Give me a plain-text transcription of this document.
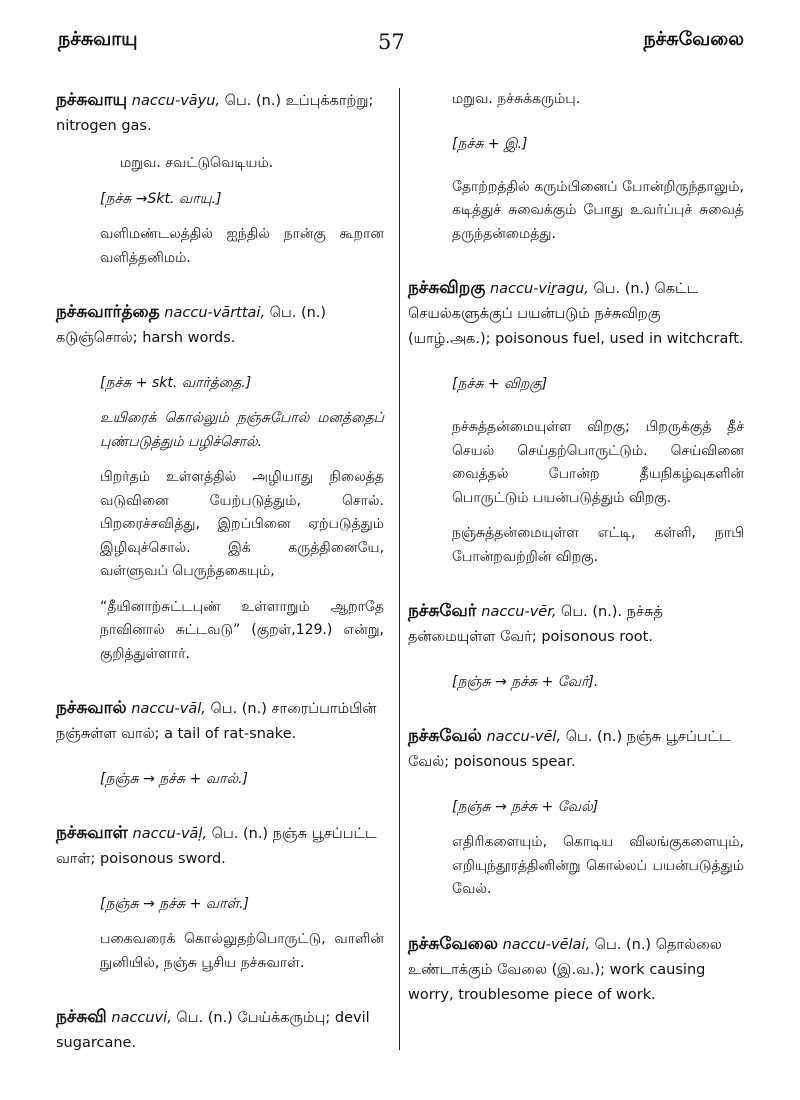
நச்சுவாயு	57	நச்சுவேலை

நச்சுவாயு naccu-vāyu, பெ. (n.) உப்புக்காற்று; nitrogen gas.

மறுவ. சவட்டுவெடியம்.

[நச்சு →Skt. வாயு.]

வளிமண்டலத்தில் ஐந்தில் நான்கு கூறான வளித்தனிமம்.

நச்சுவார்த்தை naccu-vārttai, பெ. (n.) கடுஞ்சொல்; harsh words.

[நச்சு + skt. வார்த்தை.]

உயிரைக் கொல்லும் நஞ்சுபோல் மனத்தைப் புண்படுத்தும் பழிச்சொல்.

பிறர்தம் உள்ளத்தில் அழியாது நிலைத்த வடுவினை யேற்படுத்தும், சொல். பிறரைச்சவித்து, இறப்பினை ஏற்படுத்தும் இழிவுச்சொல். இக் கருத்தினையே, வள்ளுவப் பெருந்தகையும்,

“தீயினாற்சுட்டபுண் உள்ளாறும் ஆறாதே நாவினால் சுட்டவடு” (குறள்,129.) என்று, குறித்துள்ளார்.

நச்சுவால் naccu-vāl, பெ. (n.) சாரைப்பாம்பின் நஞ்சுள்ள வால்; a tail of rat-snake.

[நஞ்சு → நச்சு + வால்.]

நச்சுவாள் naccu-vāḷ, பெ. (n.) நஞ்சு பூசப்பட்ட வாள்; poisonous sword.

[நஞ்சு → நச்சு + வாள்.]

பகைவரைக் கொல்லுதற்பொருட்டு, வாளின் நுனியில், நஞ்சு பூசிய நச்சுவாள்.

நச்சுவி naccuvi, பெ. (n.) பேய்க்கரும்பு; devil sugarcane.

மறுவ. நச்சுக்கரும்பு.

[நச்சு + இ.]

தோற்றத்தில் கரும்பினைப் போன்றிருந்தாலும், கடித்துச் சுவைக்கும் போது உவர்ப்புச் சுவைத் தருந்தன்மைத்து.

நச்சுவிறகு naccu-viṟagu, பெ. (n.) கெட்ட செயல்களுக்குப் பயன்படும் நச்சுவிறகு (யாழ்.அக.); poisonous fuel, used in witchcraft.

[நச்சு + விறகு]

நச்சுத்தன்மையுள்ள விறகு; பிறருக்குத் தீச் செயல் செய்தற்பொருட்டும். செய்வினை வைத்தல் போன்ற தீயநிகழ்வுகளின் பொருட்டும் பயன்படுத்தும் விறகு.

நஞ்சுத்தன்மையுள்ள எட்டி, கள்ளி, நாபி போன்றவற்றின் விறகு.

நச்சுவேர் naccu-vēr, பெ. (n.). நச்சுத் தன்மையுள்ள வேர்; poisonous root.

[நஞ்சு → நச்சு + வேர்].

நச்சுவேல் naccu-vēl, பெ. (n.) நஞ்சு பூசப்பட்ட வேல்; poisonous spear.

[நஞ்சு → நச்சு + வேல்]

எதிரிகளையும், கொடிய விலங்குகளையும், எறியுந்தூரத்தினின்று கொல்லப் பயன்படுத்தும் வேல்.

நச்சுவேலை naccu-vēlai, பெ. (n.) தொல்லை உண்டாக்கும் வேலை (இ.வ.); work causing worry, troublesome piece of work.
